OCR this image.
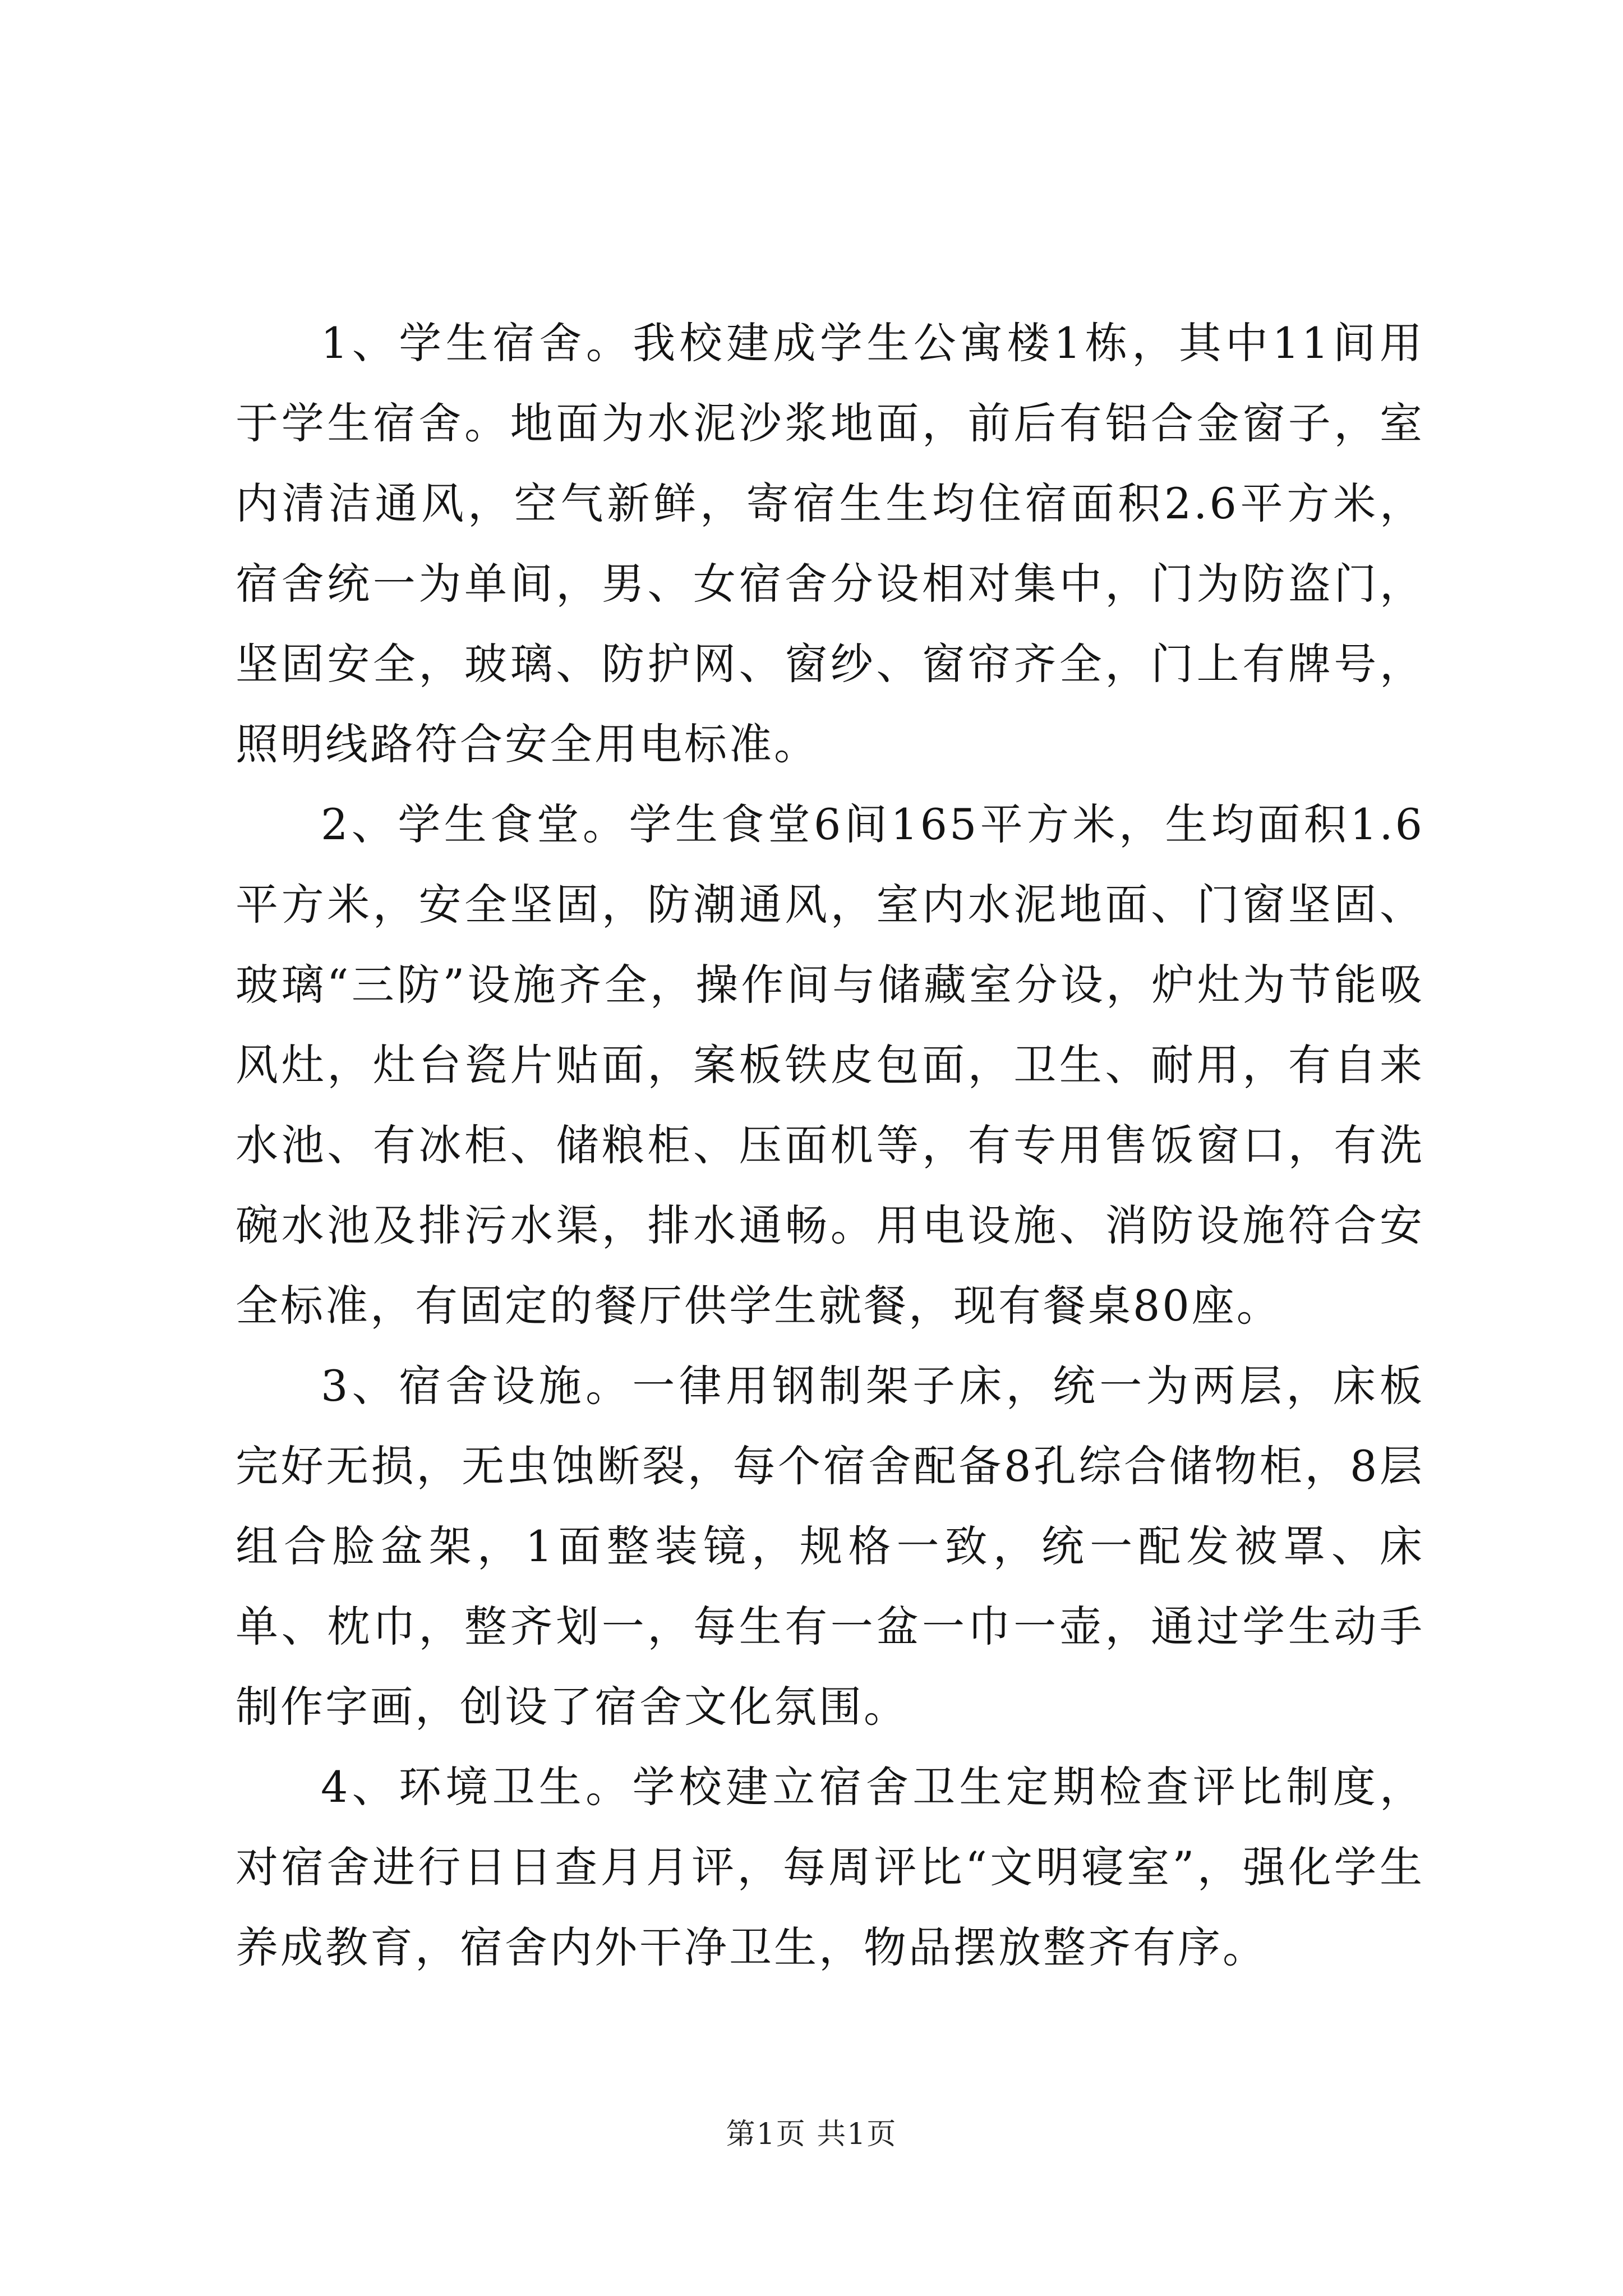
1、学生宿舍。我校建成学生公寓楼1栋，其中11间用于学生宿舍。地面为水泥沙浆地面，前后有铝合金窗子，室内清洁通风，空气新鲜，寄宿生生均住宿面积2.6平方米，宿舍统一为单间，男、女宿舍分设相对集中，门为防盗门，坚固安全，玻璃、防护网、窗纱、窗帘齐全，门上有牌号，照明线路符合安全用电标准。

2、学生食堂。学生食堂6间165平方米，生均面积1.6平方米，安全坚固，防潮通风，室内水泥地面、门窗坚固、玻璃“三防”设施齐全，操作间与储藏室分设，炉灶为节能吸风灶，灶台瓷片贴面，案板铁皮包面，卫生、耐用，有自来水池、有冰柜、储粮柜、压面机等，有专用售饭窗口，有洗碗水池及排污水渠，排水通畅。用电设施、消防设施符合安全标准，有固定的餐厅供学生就餐，现有餐桌80座。

3、宿舍设施。一律用钢制架子床，统一为两层，床板完好无损，无虫蚀断裂，每个宿舍配备8孔综合储物柜，8层组合脸盆架，1面整装镜，规格一致，统一配发被罩、床单、枕巾，整齐划一，每生有一盆一巾一壶，通过学生动手制作字画，创设了宿舍文化氛围。

4、环境卫生。学校建立宿舍卫生定期检查评比制度，对宿舍进行日日查月月评，每周评比“文明寝室”，强化学生养成教育，宿舍内外干净卫生，物品摆放整齐有序。

第1页 共1页
